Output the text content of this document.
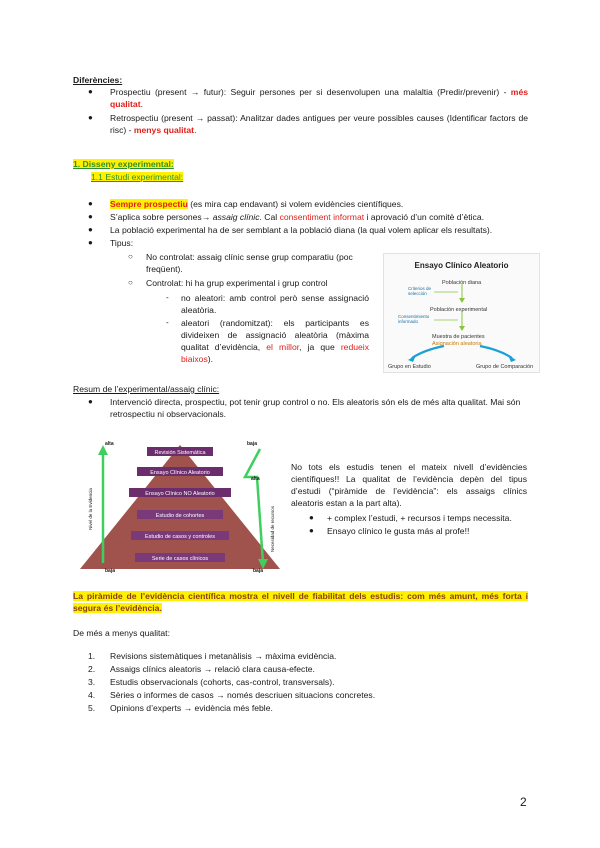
Diferències:
● Prospectiu (present → futur): Seguir persones per si desenvolupen una malaltia (Predir/prevenir) - més qualitat.
● Retrospectiu (present → passat): Analitzar dades antigues per veure possibles causes (Identificar factors de risc) - menys qualitat.
1. Disseny experimental:
1.1 Estudi experimental:
● Sempre prospectiu (es mira cap endavant) si volem evidències científiques.
● S’aplica sobre persones→ assaig clínic. Cal consentiment informat i aprovació d’un comitè d’ètica.
● La població experimental ha de ser semblant a la població diana (la qual volem aplicar els resultats).
● Tipus:
○ No controlat: assaig clínic sense grup comparatiu (poc freqüent).
○ Controlat: hi ha grup experimental i grup control
- no aleatori: amb control però sense assignació aleatòria.
- aleatori (randomitzat): els participants es divideixen de assignació aleatòria (màxima qualitat d’evidència, el millor, ja que redueix biaixos).
Ensayo Clínico Aleatorio
Población diana
Criterios de selección
Población experimental
Consentimiento informado
Muestra de pacientes
Asignación aleatoria
Grupo en Estudio	Grupo de Comparación
Resum de l’experimental/assaig clínic:
● Intervenció directa, prospectiu, pot tenir grup control o no. Els aleatoris són els de més alta qualitat. Mai són retrospectiu ni observacionals.
alta	baja
alta
baja	baja
Nivel de la Evidencia	Necesidad de recursos
Revisión Sistemática
Ensayo Clínico Aleatorio
Ensayo Clínico NO Aleatorio
Estudio de cohortes
Estudio de casos y controles
Serie de casos clínicos
No tots els estudis tenen el mateix nivell d’evidències científiques!! La qualitat de l’evidència depèn del tipus d’estudi (“piràmide de l’evidència”: els assaigs clínics aleatoris estan a la part alta).
● + complex l’estudi, + recursos i temps necessita.
● Ensayo clínico le gusta más al profe!!
La piràmide de l’evidència científica mostra el nivell de fiabilitat dels estudis: com més amunt, més forta i segura és l’evidència.
De més a menys qualitat:
1. Revisions sistemàtiques i metanàlisis → màxima evidència.
2. Assaigs clínics aleatoris → relació clara causa-efecte.
3. Estudis observacionals (cohorts, cas-control, transversals).
4. Sèries o informes de casos → només descriuen situacions concretes.
5. Opinions d’experts → evidència més feble.
2
